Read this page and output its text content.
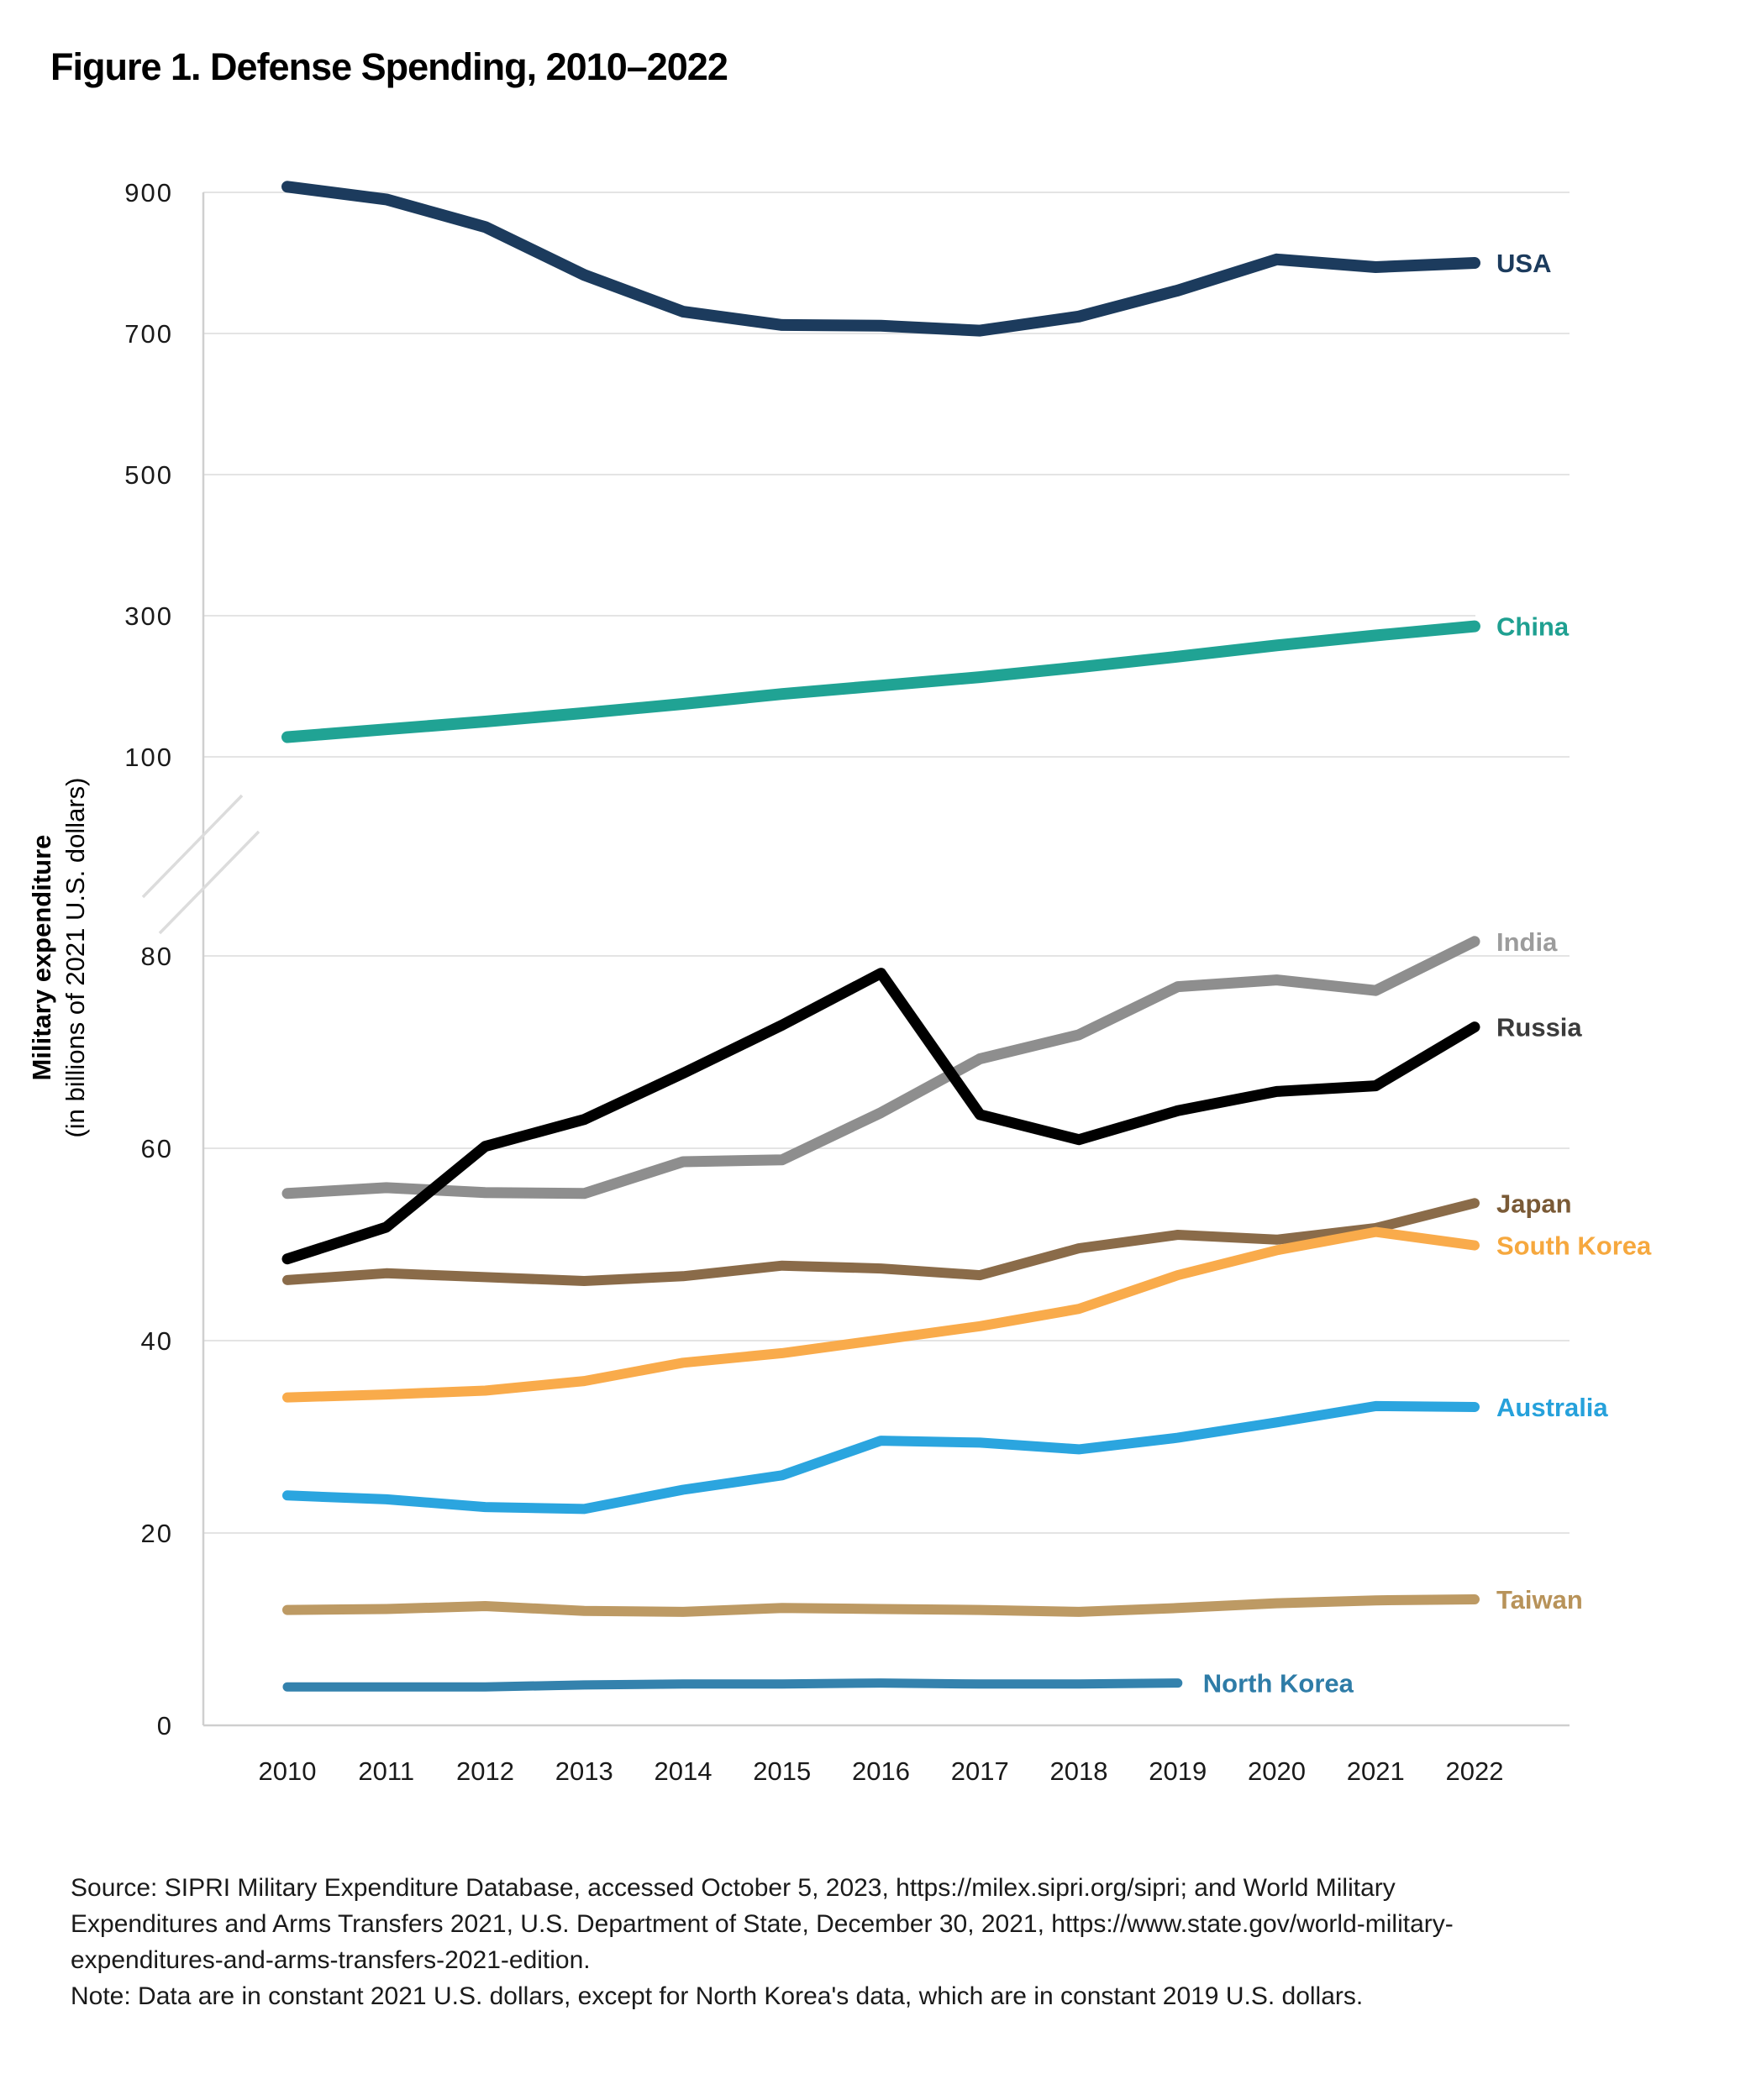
Figure 1. Defense Spending, 2010–2022
Military expenditure (in billions of 2021 U.S. dollars)
900
700
500
300
100
80
60
40
20
0
2010 2011 2012 2013 2014 2015 2016 2017 2018 2019 2020 2021 2022
USA
China
India
Russia
Japan
South Korea
Australia
Taiwan
North Korea
Source: SIPRI Military Expenditure Database, accessed October 5, 2023, https://milex.sipri.org/sipri; and World Military
Expenditures and Arms Transfers 2021, U.S. Department of State, December 30, 2021, https://www.state.gov/world-military-
expenditures-and-arms-transfers-2021-edition.
Note: Data are in constant 2021 U.S. dollars, except for North Korea's data, which are in constant 2019 U.S. dollars.
